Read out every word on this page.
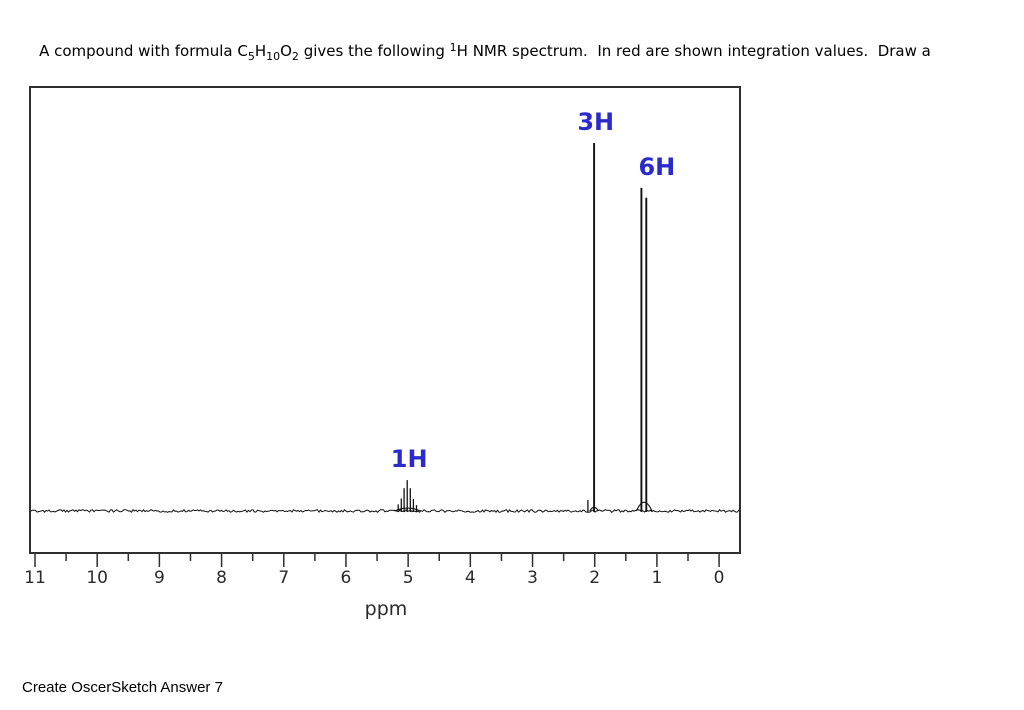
A compound with formula $C_5H_{10}O_2$ gives the following $^1$H NMR spectrum.  In red are shown integration values.  Draw a

11 10	9	8	7	6	5	4	3	2	1	0
3H
6H
1H
ppm
Create OscerSketch Answer 7
